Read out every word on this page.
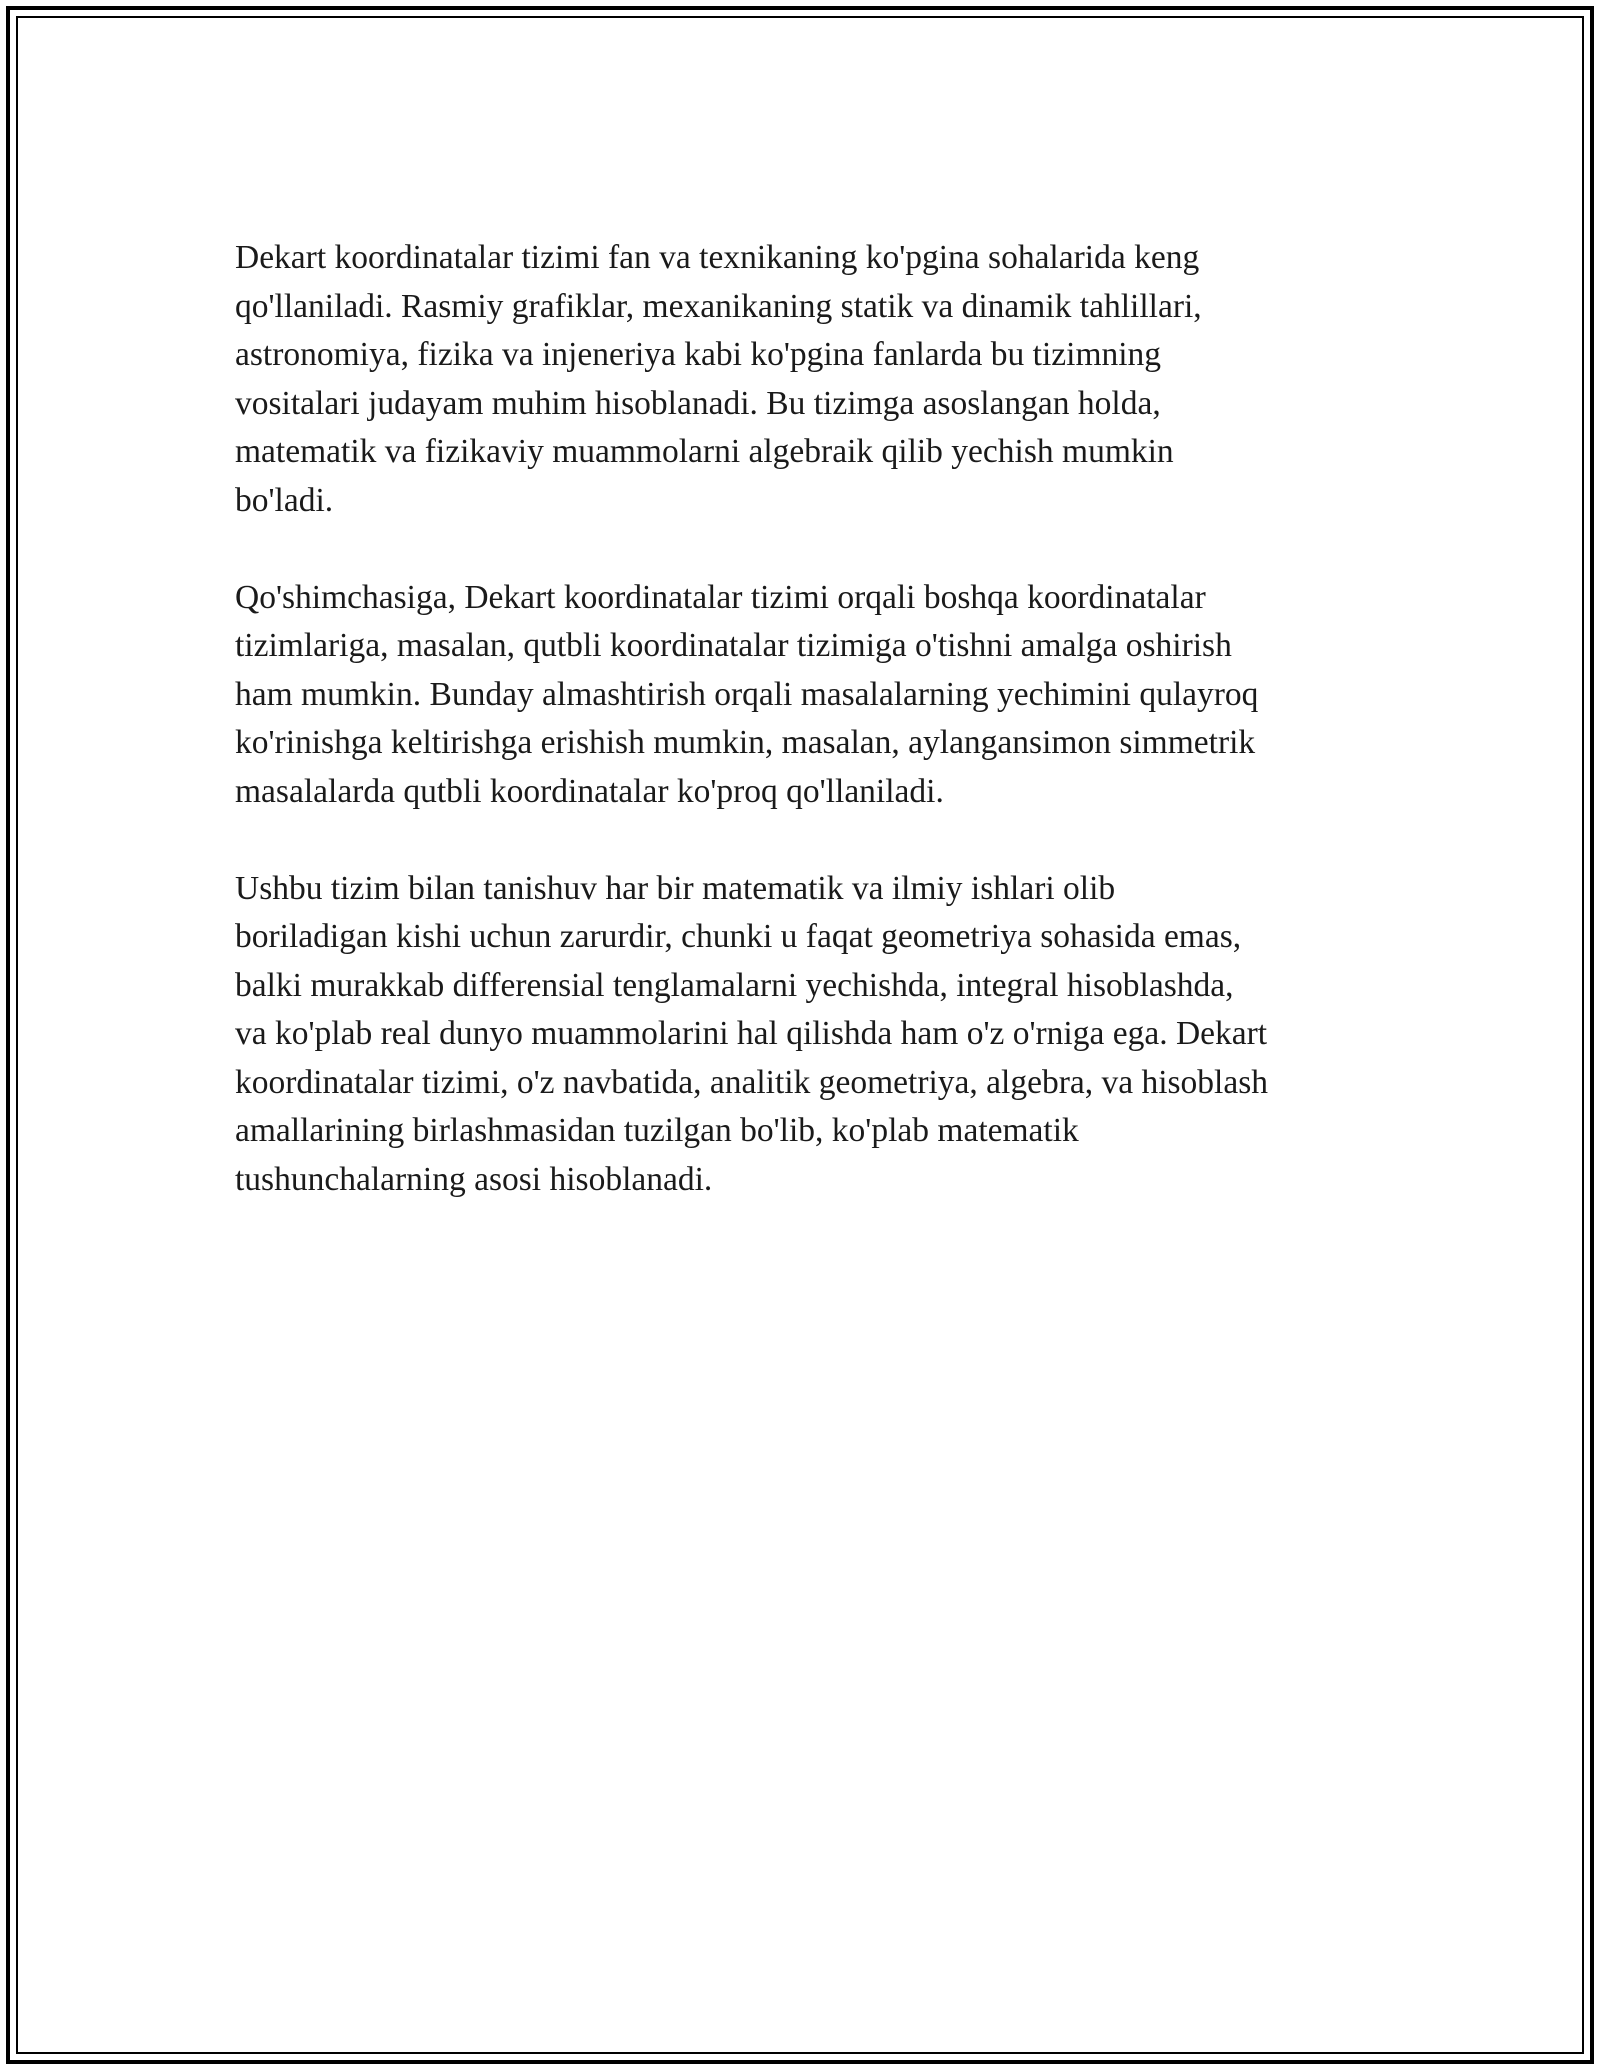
Dekart koordinatalar tizimi fan va texnikaning ko'pgina sohalarida keng
qo'llaniladi. Rasmiy grafiklar, mexanikaning statik va dinamik tahlillari,
astronomiya, fizika va injeneriya kabi ko'pgina fanlarda bu tizimning
vositalari judayam muhim hisoblanadi. Bu tizimga asoslangan holda,
matematik va fizikaviy muammolarni algebraik qilib yechish mumkin
bo'ladi.

Qo'shimchasiga, Dekart koordinatalar tizimi orqali boshqa koordinatalar
tizimlariga, masalan, qutbli koordinatalar tizimiga o'tishni amalga oshirish
ham mumkin. Bunday almashtirish orqali masalalarning yechimini qulayroq
ko'rinishga keltirishga erishish mumkin, masalan, aylangansimon simmetrik
masalalarda qutbli koordinatalar ko'proq qo'llaniladi.

Ushbu tizim bilan tanishuv har bir matematik va ilmiy ishlari olib
boriladigan kishi uchun zarurdir, chunki u faqat geometriya sohasida emas,
balki murakkab differensial tenglamalarni yechishda, integral hisoblashda,
va ko'plab real dunyo muammolarini hal qilishda ham o'z o'rniga ega. Dekart
koordinatalar tizimi, o'z navbatida, analitik geometriya, algebra, va hisoblash
amallarining birlashmasidan tuzilgan bo'lib, ko'plab matematik
tushunchalarning asosi hisoblanadi.
